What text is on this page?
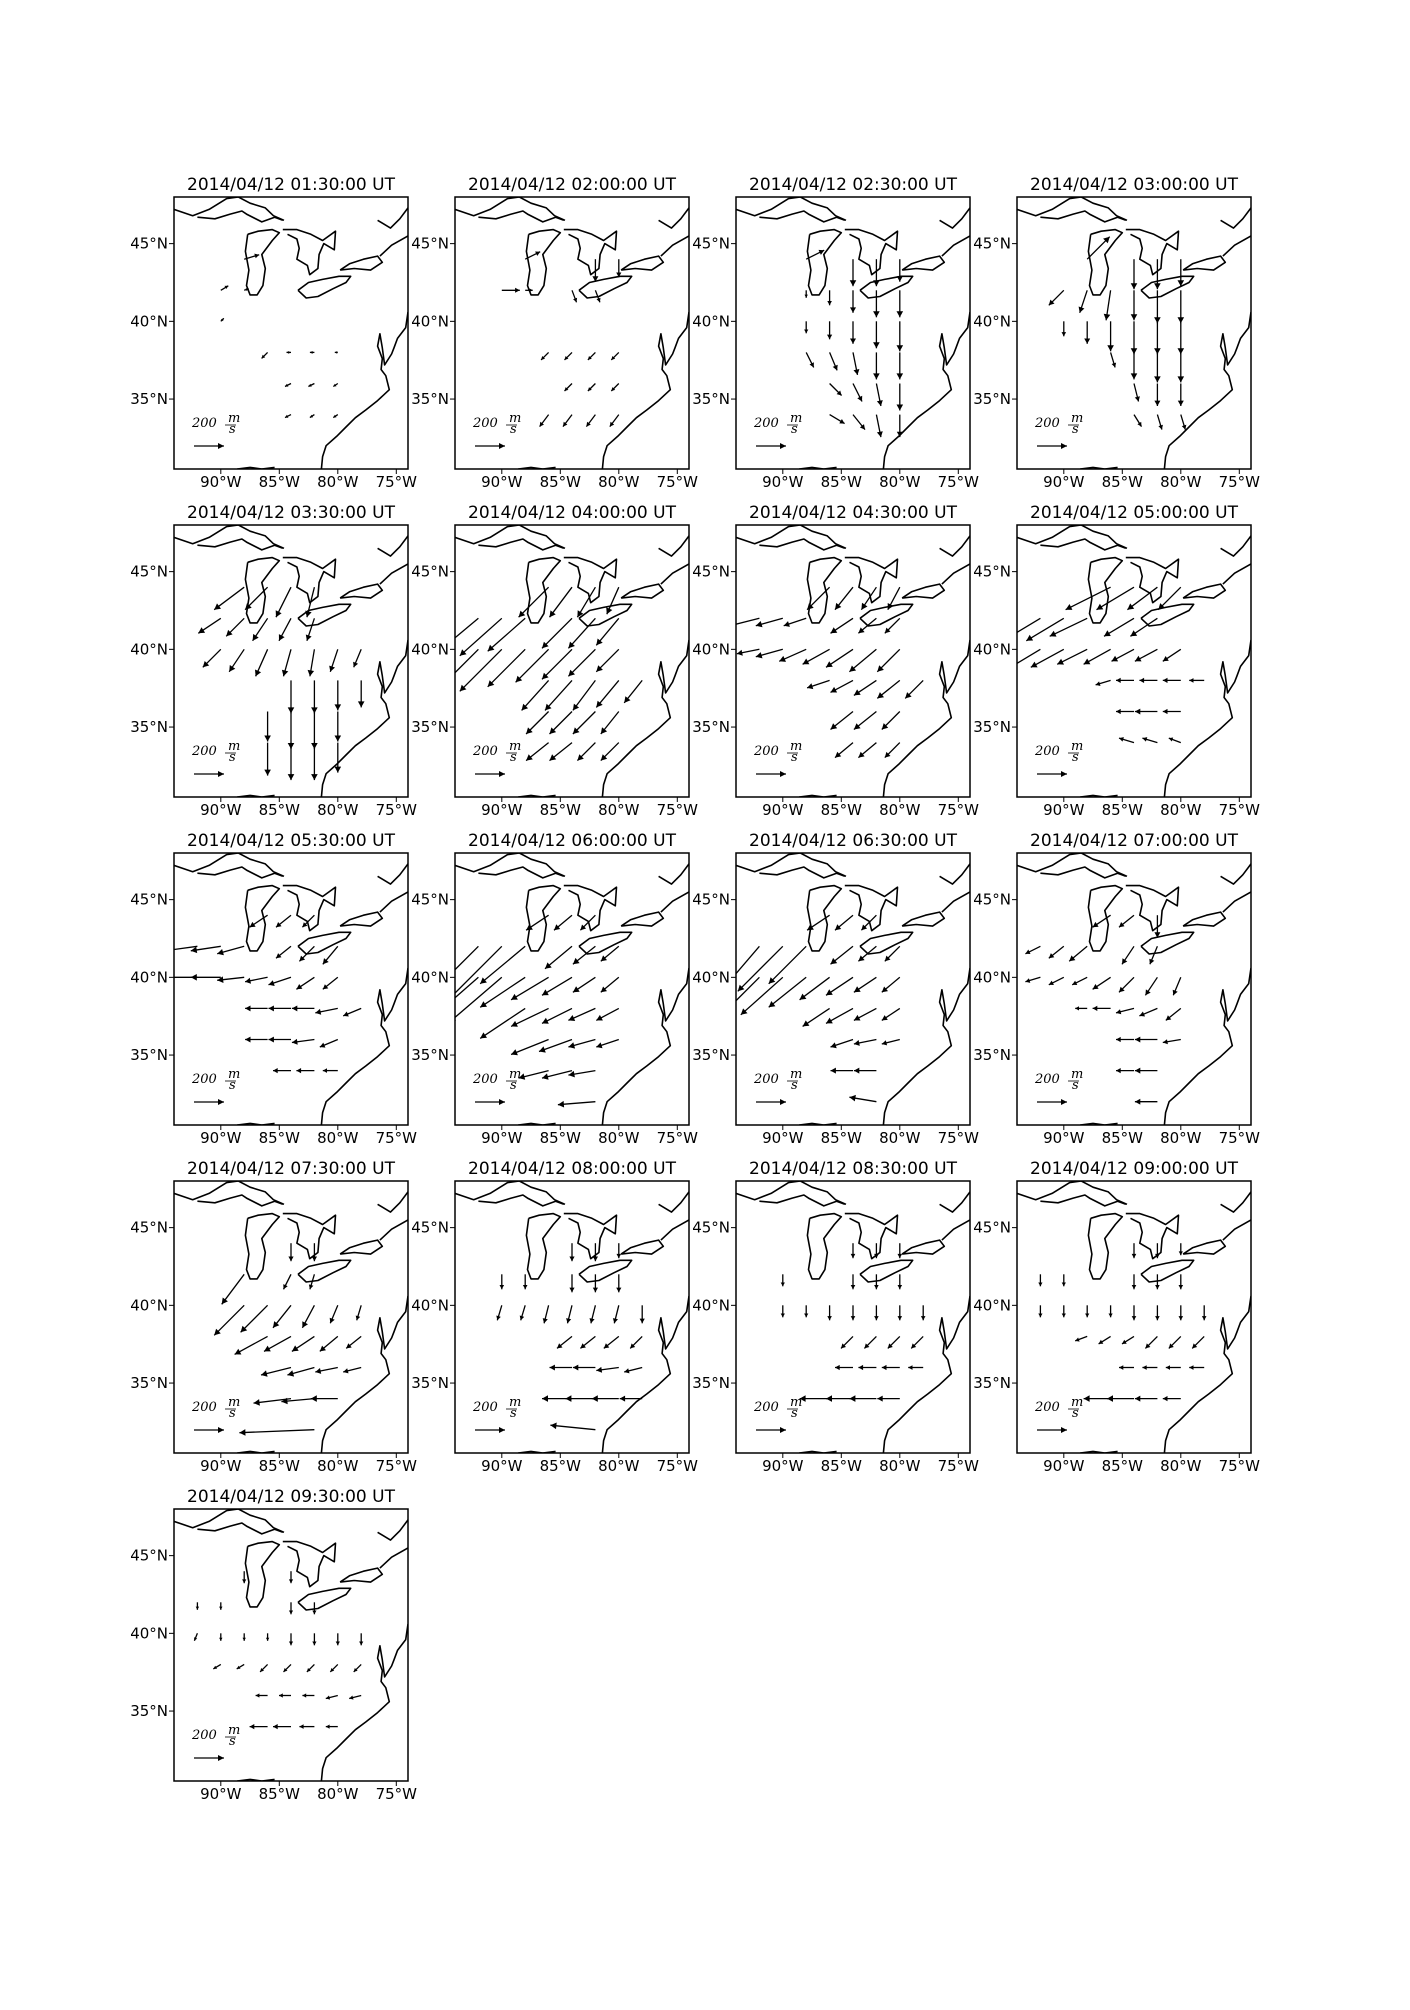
2014/04/12 01:30:00 UT
45°N
40°N
35°N
90°W 85°W 80°W 75°W
200 m
s
2014/04/12 02:00:00 UT
45°N
40°N
35°N
90°W 85°W 80°W 75°W
200 m
s
2014/04/12 02:30:00 UT
45°N
40°N
35°N
90°W 85°W 80°W 75°W
200 m
s
2014/04/12 03:00:00 UT
45°N
40°N
35°N
90°W 85°W 80°W 75°W
200 m
s
2014/04/12 03:30:00 UT
45°N
40°N
35°N
90°W 85°W 80°W 75°W
200 m
s
2014/04/12 04:00:00 UT
45°N
40°N
35°N
90°W 85°W 80°W 75°W
200 m
s
2014/04/12 04:30:00 UT
45°N
40°N
35°N
90°W 85°W 80°W 75°W
200 m
s
2014/04/12 05:00:00 UT
45°N
40°N
35°N
90°W 85°W 80°W 75°W
200 m
s
2014/04/12 05:30:00 UT
45°N
40°N
35°N
90°W 85°W 80°W 75°W
200 m
s
2014/04/12 06:00:00 UT
45°N
40°N
35°N
90°W 85°W 80°W 75°W
200 m
s
2014/04/12 06:30:00 UT
45°N
40°N
35°N
90°W 85°W 80°W 75°W
200 m
s
2014/04/12 07:00:00 UT
45°N
40°N
35°N
90°W 85°W 80°W 75°W
200 m
s
2014/04/12 07:30:00 UT
45°N
40°N
35°N
90°W 85°W 80°W 75°W
200 m
s
2014/04/12 08:00:00 UT
45°N
40°N
35°N
90°W 85°W 80°W 75°W
200 m
s
2014/04/12 08:30:00 UT
45°N
40°N
35°N
90°W 85°W 80°W 75°W
200 m
s
2014/04/12 09:00:00 UT
45°N
40°N
35°N
90°W 85°W 80°W 75°W
200 m
s
2014/04/12 09:30:00 UT
45°N
40°N
35°N
90°W 85°W 80°W 75°W
200 m
s
